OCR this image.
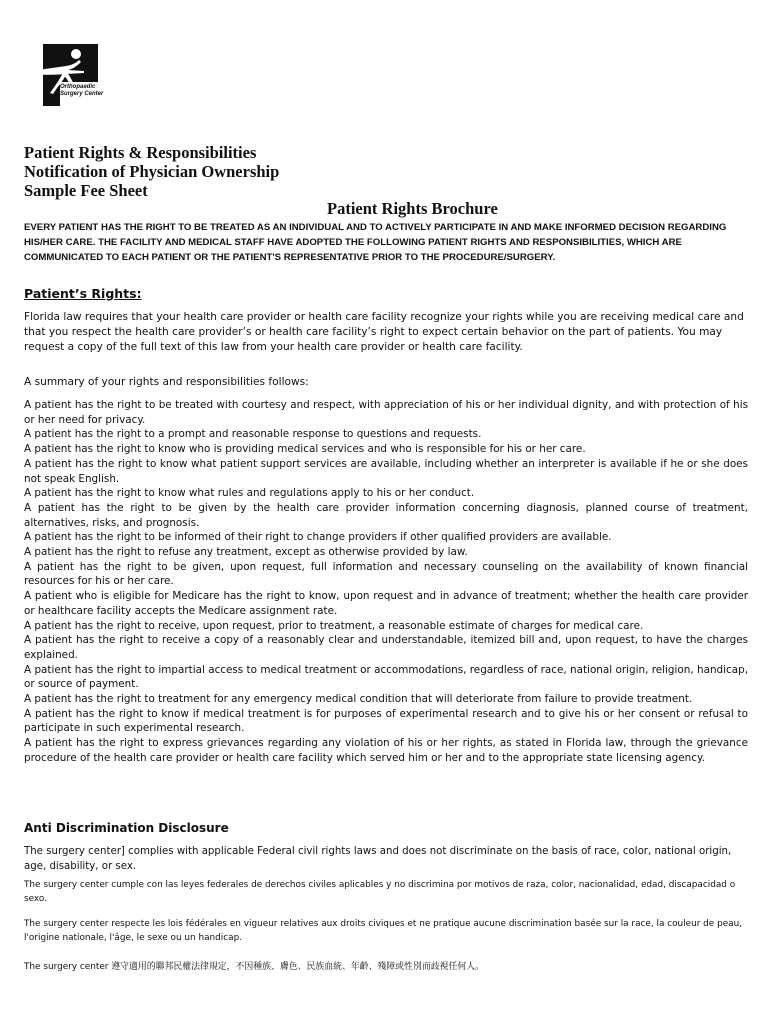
Orthopaedic
Surgery Center
Patient Rights & Responsibilities
Notification of Physician Ownership
Sample Fee Sheet
Patient Rights Brochure
EVERY PATIENT HAS THE RIGHT TO BE TREATED AS AN INDIVIDUAL AND TO ACTIVELY PARTICIPATE IN AND MAKE INFORMED DECISION REGARDING HIS/HER CARE. THE FACILITY AND MEDICAL STAFF HAVE ADOPTED THE FOLLOWING PATIENT RIGHTS AND RESPONSIBILITIES, WHICH ARE COMMUNICATED TO EACH PATIENT OR THE PATIENT'S REPRESENTATIVE PRIOR TO THE PROCEDURE/SURGERY.
Patient’s Rights:
Florida law requires that your health care provider or health care facility recognize your rights while you are receiving medical care and that you respect the health care provider’s or health care facility’s right to expect certain behavior on the part of patients. You may request a copy of the full text of this law from your health care provider or health care facility.
A summary of your rights and responsibilities follows:
A patient has the right to be treated with courtesy and respect, with appreciation of his or her individual dignity, and with protection of his or her need for privacy.
A patient has the right to a prompt and reasonable response to questions and requests.
A patient has the right to know who is providing medical services and who is responsible for his or her care.
A patient has the right to know what patient support services are available, including whether an interpreter is available if he or she does not speak English.
A patient has the right to know what rules and regulations apply to his or her conduct.
A patient has the right to be given by the health care provider information concerning diagnosis, planned course of treatment, alternatives, risks, and prognosis.
A patient has the right to be informed of their right to change providers if other qualified providers are available.
A patient has the right to refuse any treatment, except as otherwise provided by law.
A patient has the right to be given, upon request, full information and necessary counseling on the availability of known financial resources for his or her care.
A patient who is eligible for Medicare has the right to know, upon request and in advance of treatment; whether the health care provider or healthcare facility accepts the Medicare assignment rate.
A patient has the right to receive, upon request, prior to treatment, a reasonable estimate of charges for medical care.
A patient has the right to receive a copy of a reasonably clear and understandable, itemized bill and, upon request, to have the charges explained.
A patient has the right to impartial access to medical treatment or accommodations, regardless of race, national origin, religion, handicap, or source of payment.
A patient has the right to treatment for any emergency medical condition that will deteriorate from failure to provide treatment.
A patient has the right to know if medical treatment is for purposes of experimental research and to give his or her consent or refusal to participate in such experimental research.
A patient has the right to express grievances regarding any violation of his or her rights, as stated in Florida law, through the grievance procedure of the health care provider or health care facility which served him or her and to the appropriate state licensing agency.
Anti Discrimination Disclosure
The surgery center] complies with applicable Federal civil rights laws and does not discriminate on the basis of race, color, national origin, age, disability, or sex.
The surgery center cumple con las leyes federales de derechos civiles aplicables y no discrimina por motivos de raza, color, nacionalidad, edad, discapacidad o sexo.
The surgery center respecte les lois fédérales en vigueur relatives aux droits civiques et ne pratique aucune discrimination basée sur la race, la couleur de peau, l'origine nationale, l'âge, le sexe ou un handicap.
The surgery center 遵守適用的聯邦民權法律規定，不因種族、膚色、民族血統、年齡、殘障或性別而歧視任何人。
